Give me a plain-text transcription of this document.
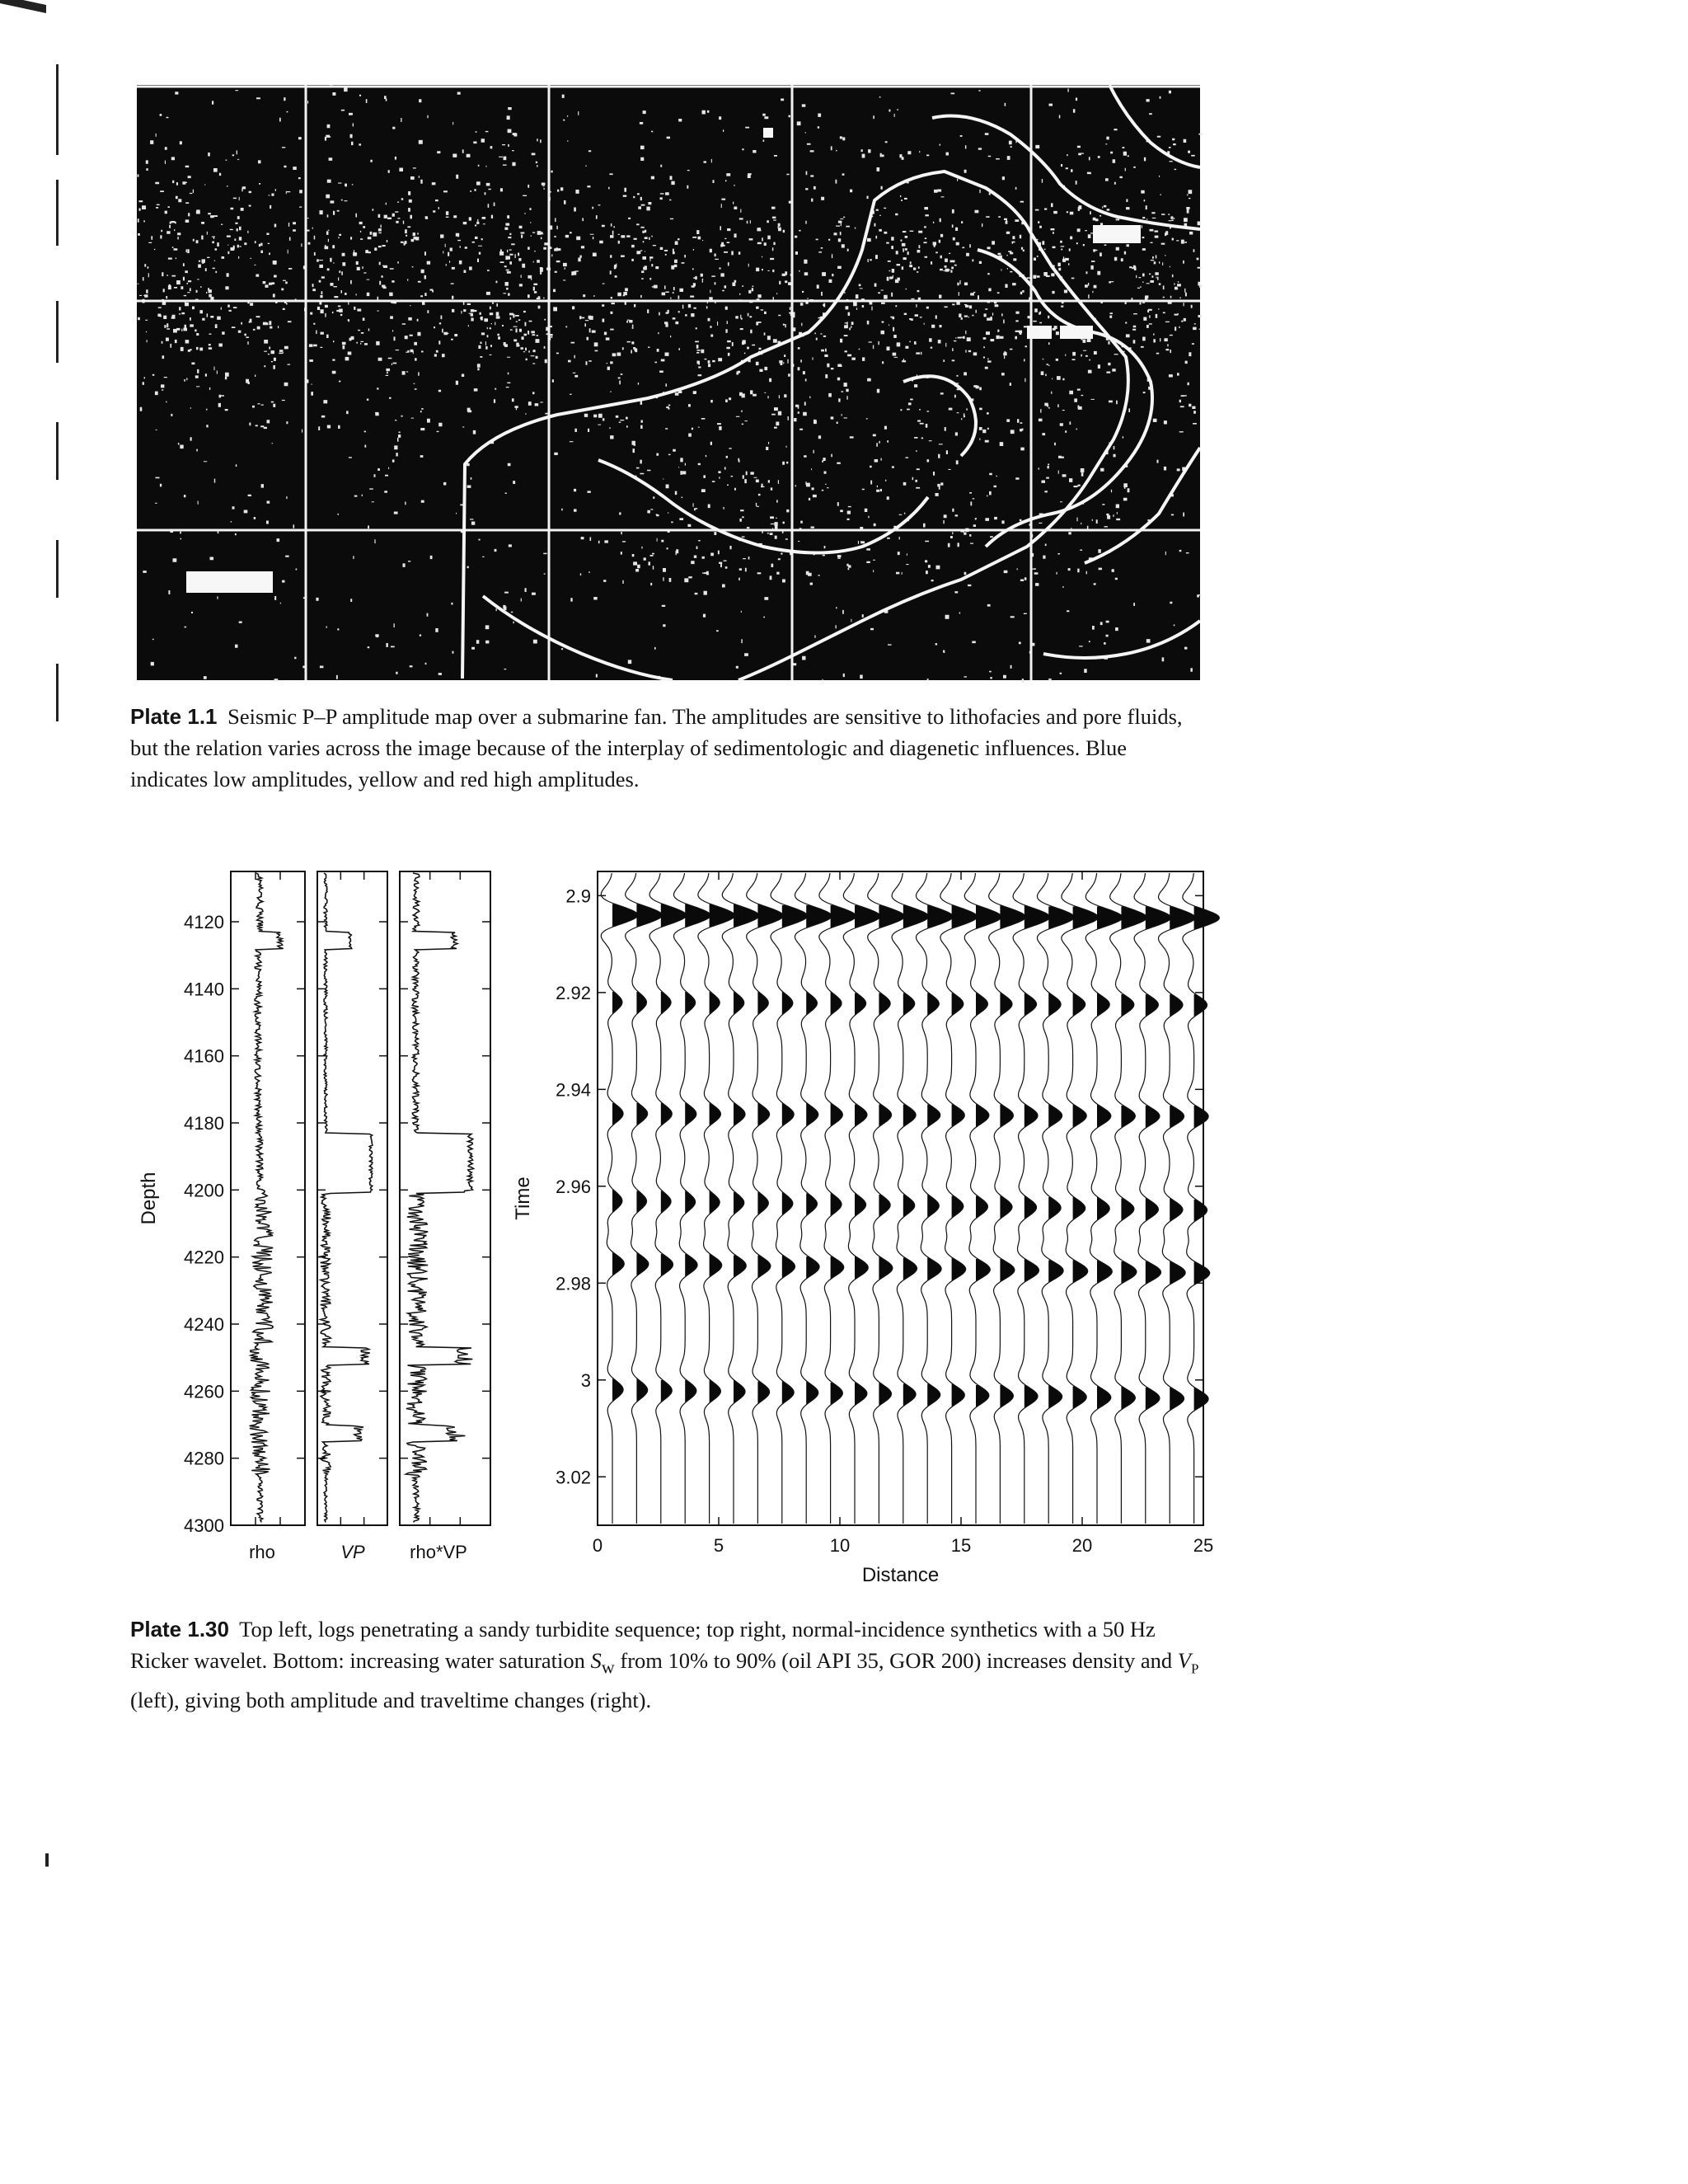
Plate 1.1 Seismic P–P amplitude map over a submarine fan. The amplitudes are sensitive to lithofacies and pore fluids, but the relation varies across the image because of the interplay of sedimentologic and diagenetic influences. Blue indicates low amplitudes, yellow and red high amplitudes.
4120
4140
4160
4180
4200
4220
4240
4260
4280
4300
Depth
rho	VP rho*VP
2.9
2.92
2.94
2.96
2.98
3
3.02
0	5	10	15	20	25
Distance
Time
Plate 1.30 Top left, logs penetrating a sandy turbidite sequence; top right, normal-incidence synthetics with a 50 Hz Ricker wavelet. Bottom: increasing water saturation $S_w$ from 10% to 90% (oil API 35, GOR 200) increases density and $V_P$ (left), giving both amplitude and traveltime changes (right).
